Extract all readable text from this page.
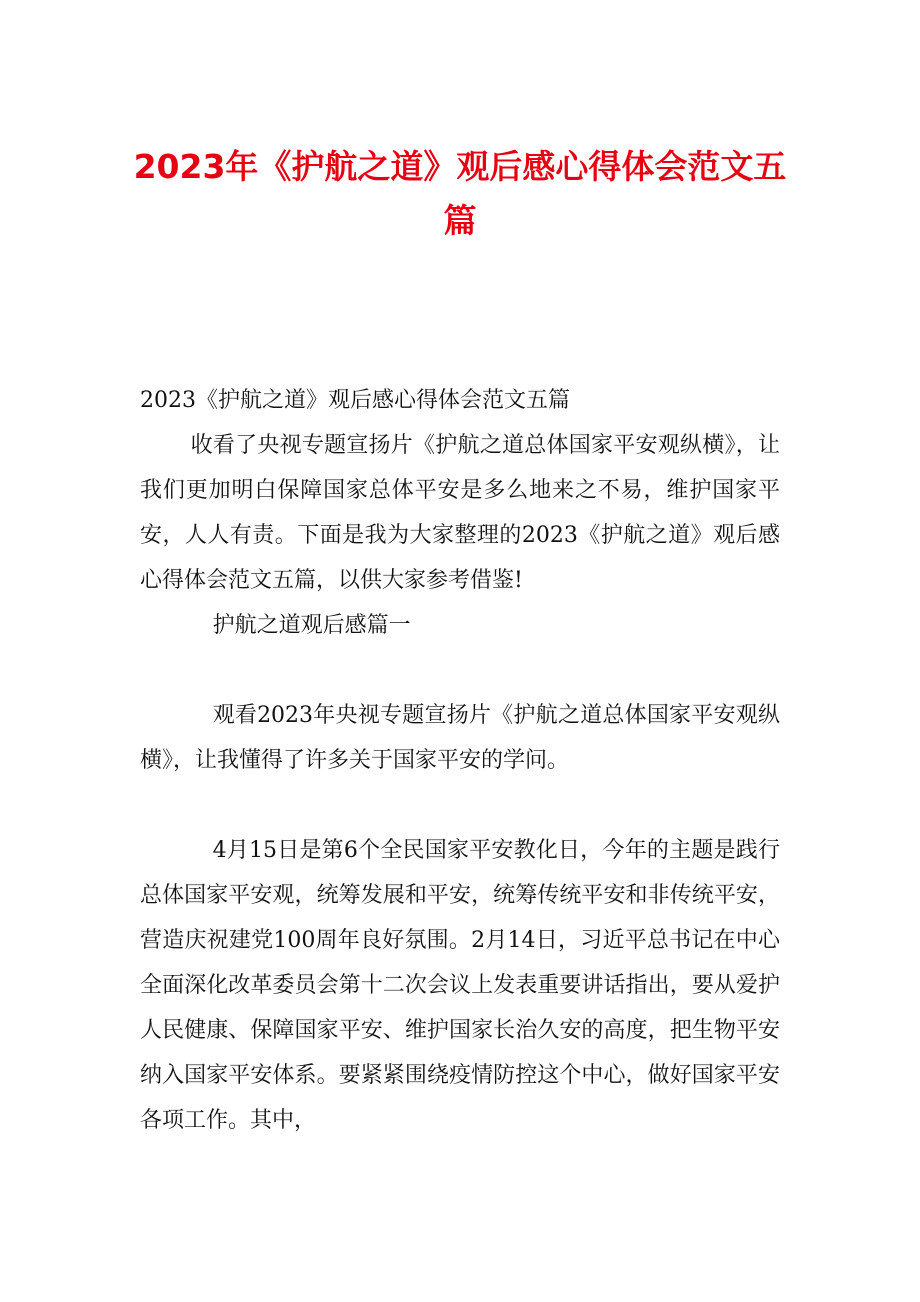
2023年《护航之道》观后感心得体会范文五篇

2023《护航之道》观后感心得体会范文五篇

收看了央视专题宣扬片《护航之道总体国家平安观纵横》，让我们更加明白保障国家总体平安是多么地来之不易，维护国家平安，人人有责。下面是我为大家整理的2023《护航之道》观后感心得体会范文五篇，以供大家参考借鉴!

护航之道观后感篇一

观看2023年央视专题宣扬片《护航之道总体国家平安观纵横》，让我懂得了许多关于国家平安的学问。

4月15日是第6个全民国家平安教化日，今年的主题是践行总体国家平安观，统筹发展和平安，统筹传统平安和非传统平安，营造庆祝建党100周年良好氛围。2月14日，习近平总书记在中心全面深化改革委员会第十二次会议上发表重要讲话指出，要从爱护人民健康、保障国家平安、维护国家长治久安的高度，把生物平安纳入国家平安体系。要紧紧围绕疫情防控这个中心，做好国家平安各项工作。其中，
